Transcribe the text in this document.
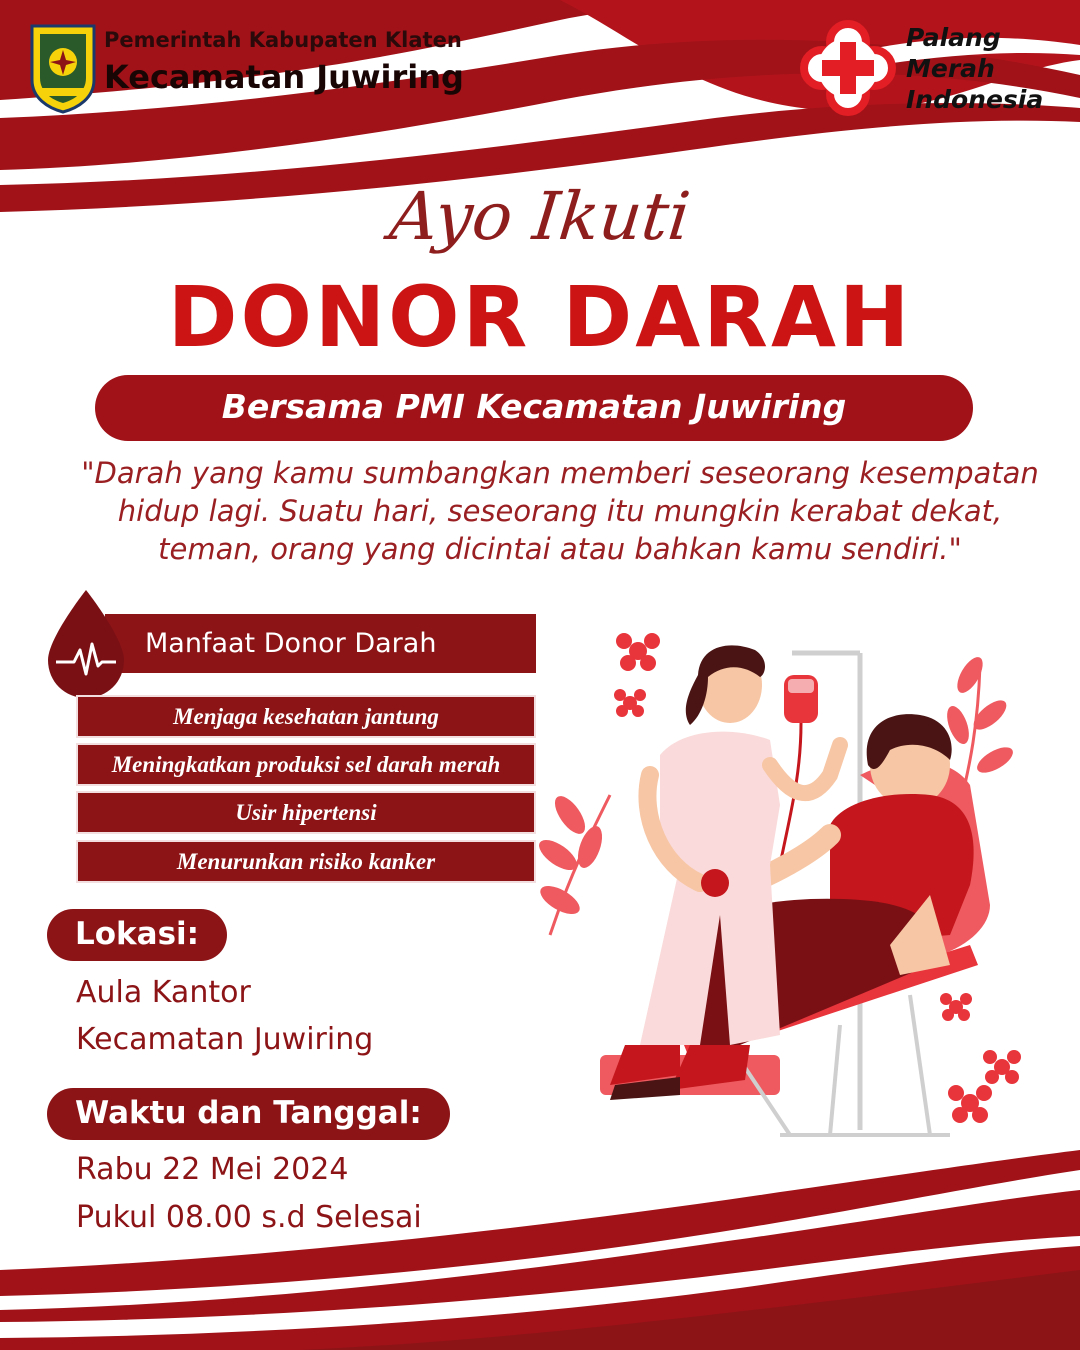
Pemerintah Kabupaten Klaten
Kecamatan Juwiring
Palang
Merah
Indonesia
Ayo Ikuti
DONOR DARAH
Bersama PMI Kecamatan Juwiring
"Darah yang kamu sumbangkan memberi seseorang kesempatan
hidup lagi. Suatu hari, seseorang itu mungkin kerabat dekat,
teman, orang yang dicintai atau bahkan kamu sendiri."
Manfaat Donor Darah
Menjaga kesehatan jantung
Meningkatkan produksi sel darah merah
Usir hipertensi
Menurunkan risiko kanker
Lokasi:
Aula Kantor
Kecamatan Juwiring
Waktu dan Tanggal:
Rabu 22 Mei 2024
Pukul 08.00 s.d Selesai
